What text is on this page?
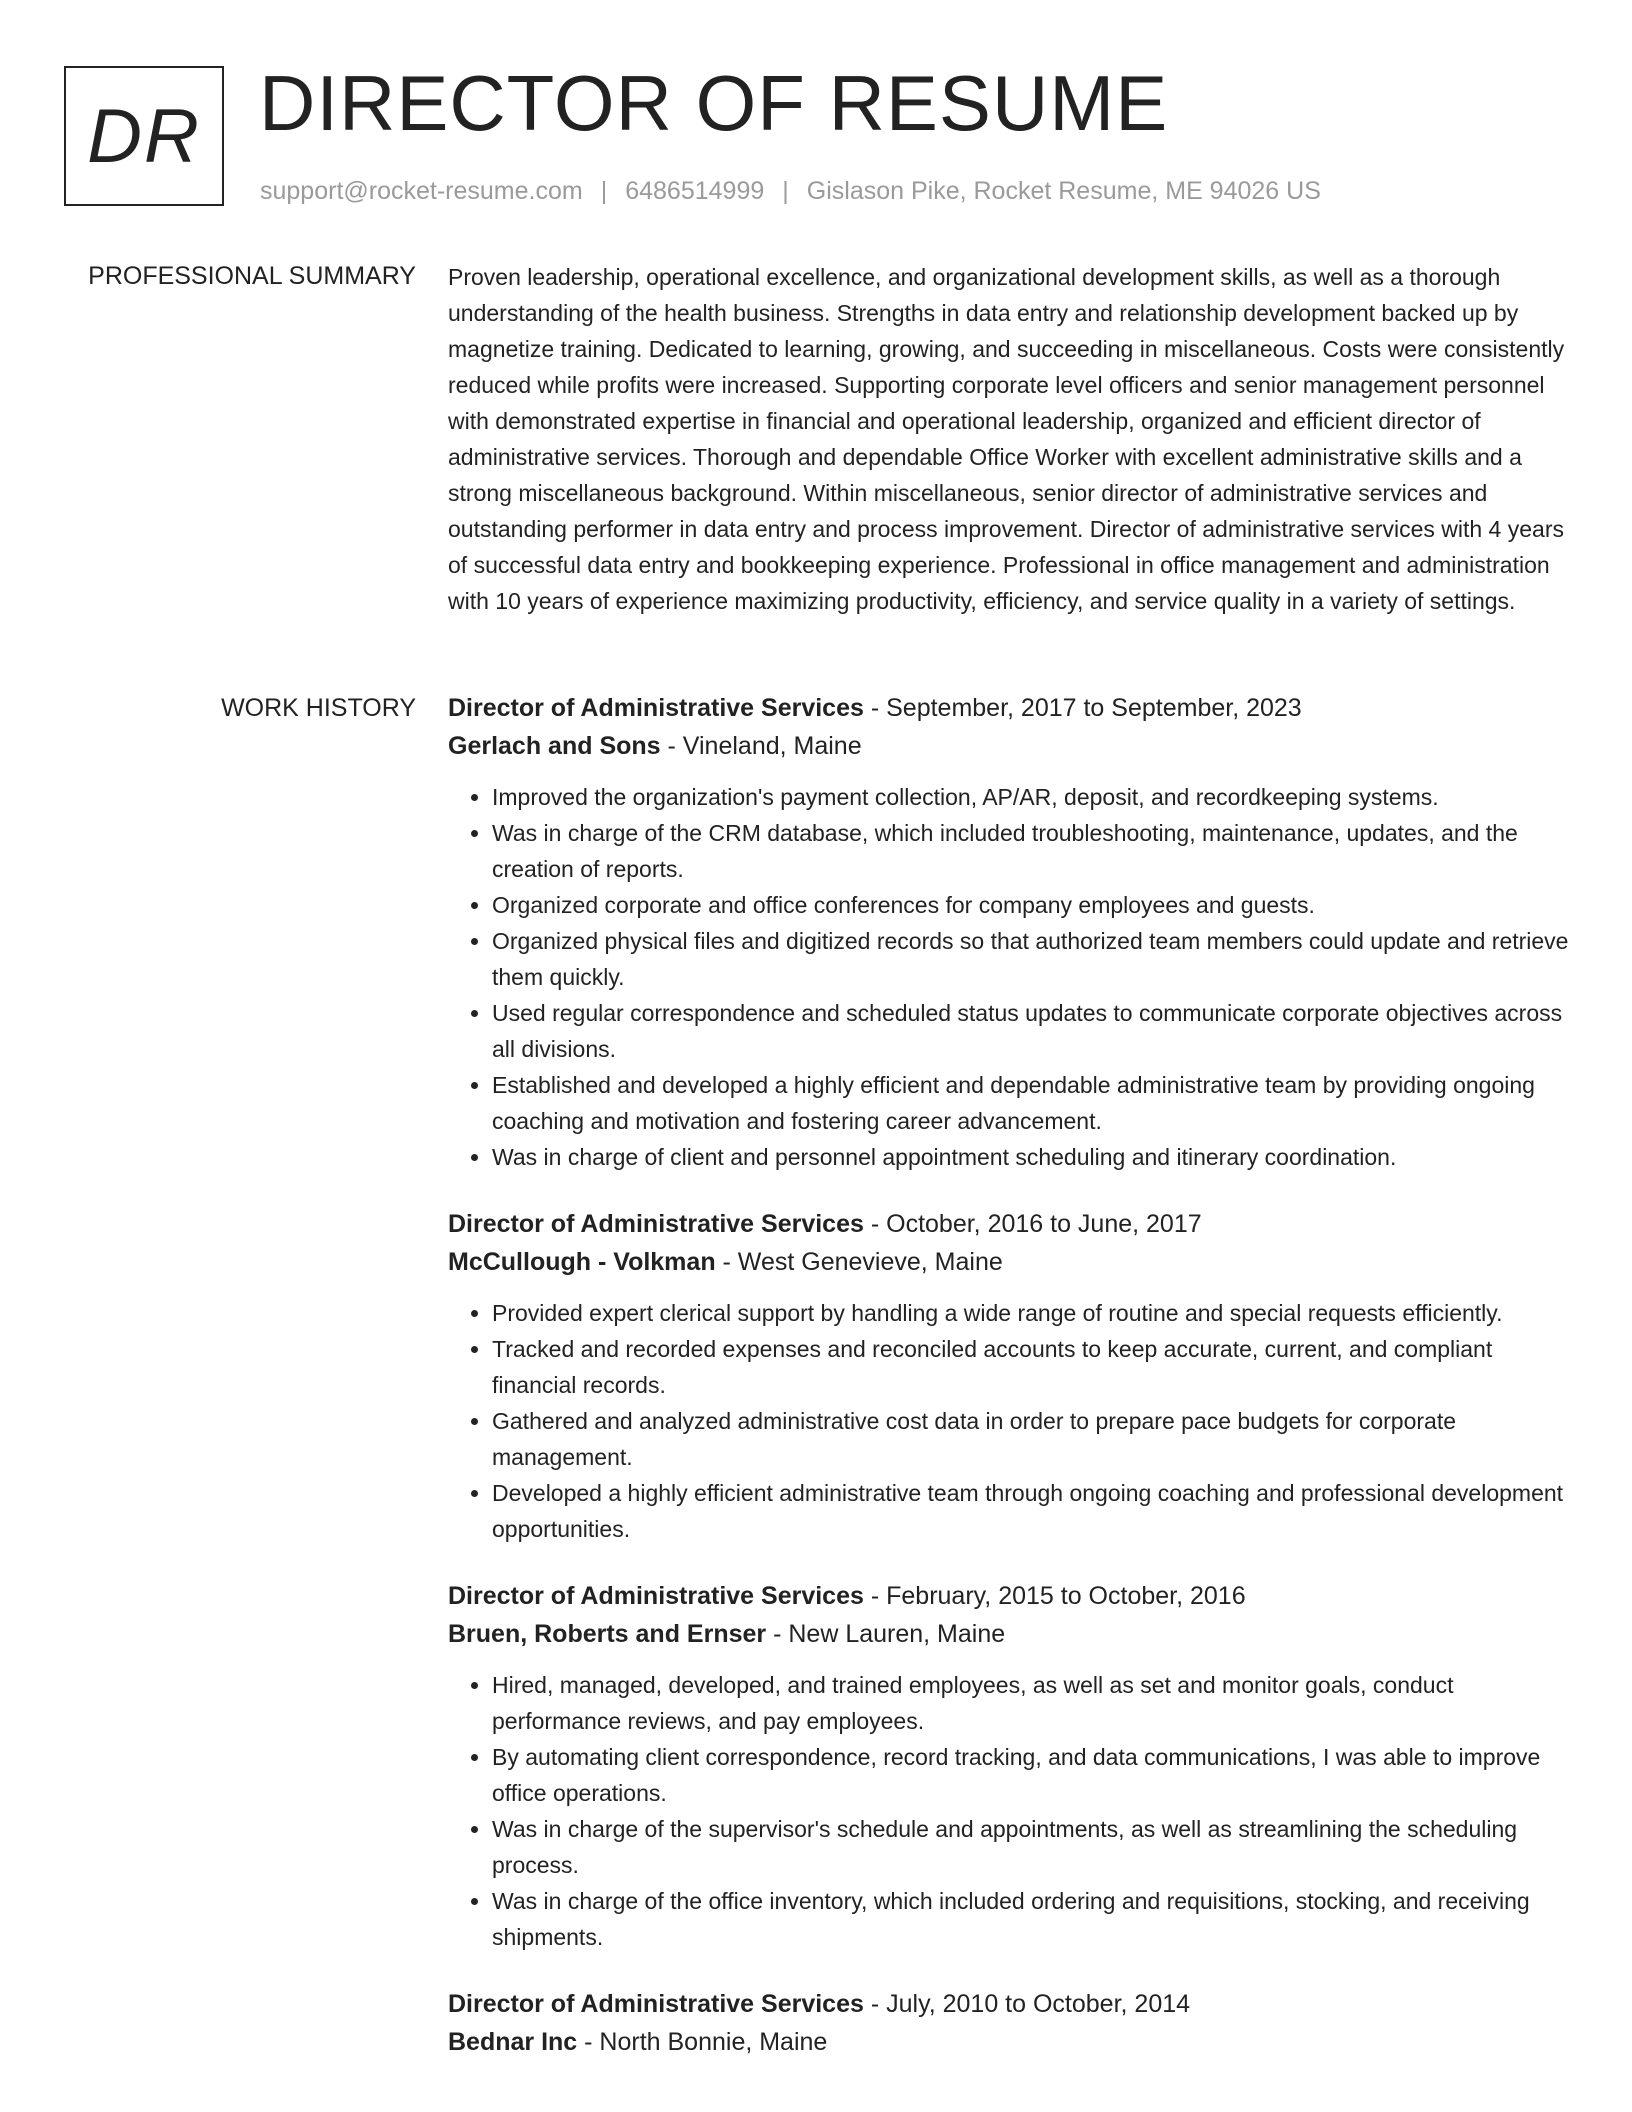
DR DIRECTOR OF RESUME
support@rocket-resume.com | 6486514999 | Gislason Pike, Rocket Resume, ME 94026 US
PROFESSIONAL SUMMARY Proven leadership, operational excellence, and organizational development skills, as well as a thorough understanding of the health business. Strengths in data entry and relationship development backed up by magnetize training. Dedicated to learning, growing, and succeeding in miscellaneous. Costs were consistently reduced while profits were increased. Supporting corporate level officers and senior management personnel with demonstrated expertise in financial and operational leadership, organized and efficient director of administrative services. Thorough and dependable Office Worker with excellent administrative skills and a strong miscellaneous background. Within miscellaneous, senior director of administrative services and outstanding performer in data entry and process improvement. Director of administrative services with 4 years of successful data entry and bookkeeping experience. Professional in office management and administration with 10 years of experience maximizing productivity, efficiency, and service quality in a variety of settings.

WORK HISTORY Director of Administrative Services - September, 2017 to September, 2023
Gerlach and Sons - Vineland, Maine
• Improved the organization's payment collection, AP/AR, deposit, and recordkeeping systems.
• Was in charge of the CRM database, which included troubleshooting, maintenance, updates, and the creation of reports.
• Organized corporate and office conferences for company employees and guests.
• Organized physical files and digitized records so that authorized team members could update and retrieve them quickly.
• Used regular correspondence and scheduled status updates to communicate corporate objectives across all divisions.
• Established and developed a highly efficient and dependable administrative team by providing ongoing coaching and motivation and fostering career advancement.
• Was in charge of client and personnel appointment scheduling and itinerary coordination.
Director of Administrative Services - October, 2016 to June, 2017
McCullough - Volkman - West Genevieve, Maine
• Provided expert clerical support by handling a wide range of routine and special requests efficiently.
• Tracked and recorded expenses and reconciled accounts to keep accurate, current, and compliant financial records.
• Gathered and analyzed administrative cost data in order to prepare pace budgets for corporate management.
• Developed a highly efficient administrative team through ongoing coaching and professional development opportunities.
Director of Administrative Services - February, 2015 to October, 2016
Bruen, Roberts and Ernser - New Lauren, Maine
• Hired, managed, developed, and trained employees, as well as set and monitor goals, conduct performance reviews, and pay employees.
• By automating client correspondence, record tracking, and data communications, I was able to improve office operations.
• Was in charge of the supervisor's schedule and appointments, as well as streamlining the scheduling process.
• Was in charge of the office inventory, which included ordering and requisitions, stocking, and receiving shipments.
Director of Administrative Services - July, 2010 to October, 2014
Bednar Inc - North Bonnie, Maine
